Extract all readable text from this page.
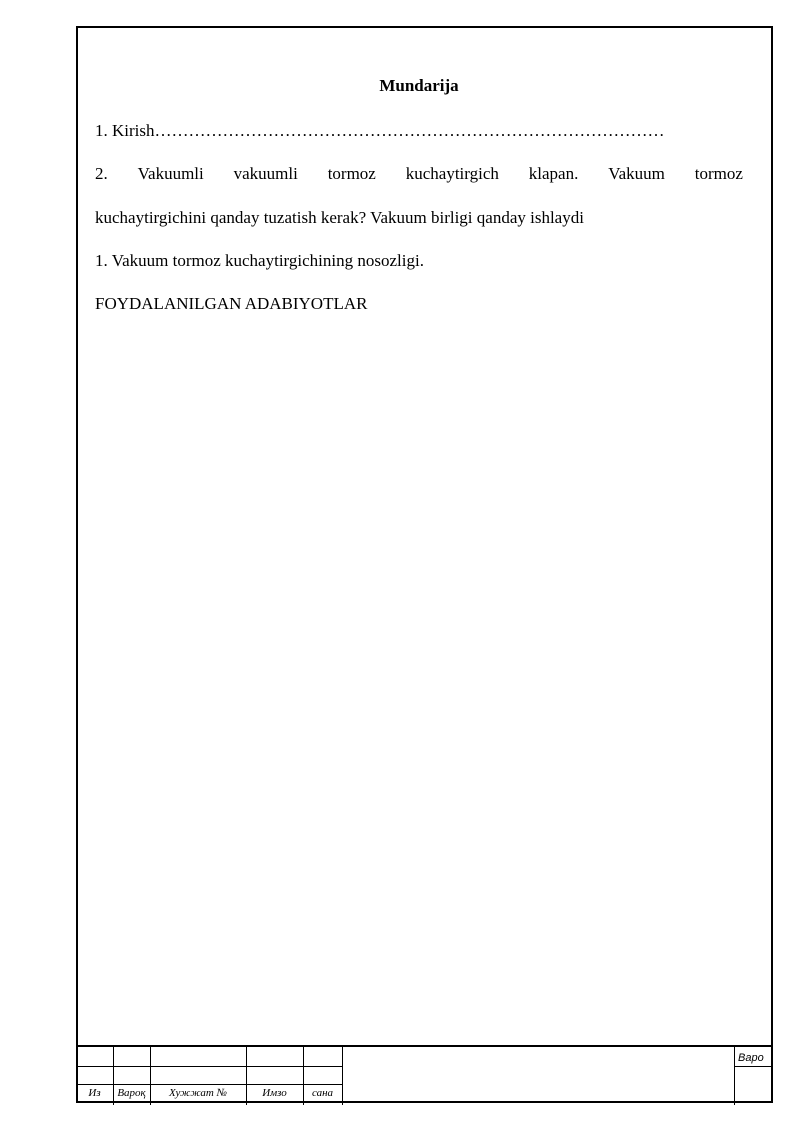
Mundarija
1. Kirish………………………………………………………………………………
2. Vakuumli vakuumli tormoz kuchaytirgich klapan. Vakuum tormoz
kuchaytirgichini qanday tuzatish kerak? Vakuum birligi qanday ishlaydi
1. Vakuum tormoz kuchaytirgichining nosozligi.
FOYDALANILGAN ADABIYOTLAR
Из	Вароқ	Хужжат №	Имзо	сана
Варо
